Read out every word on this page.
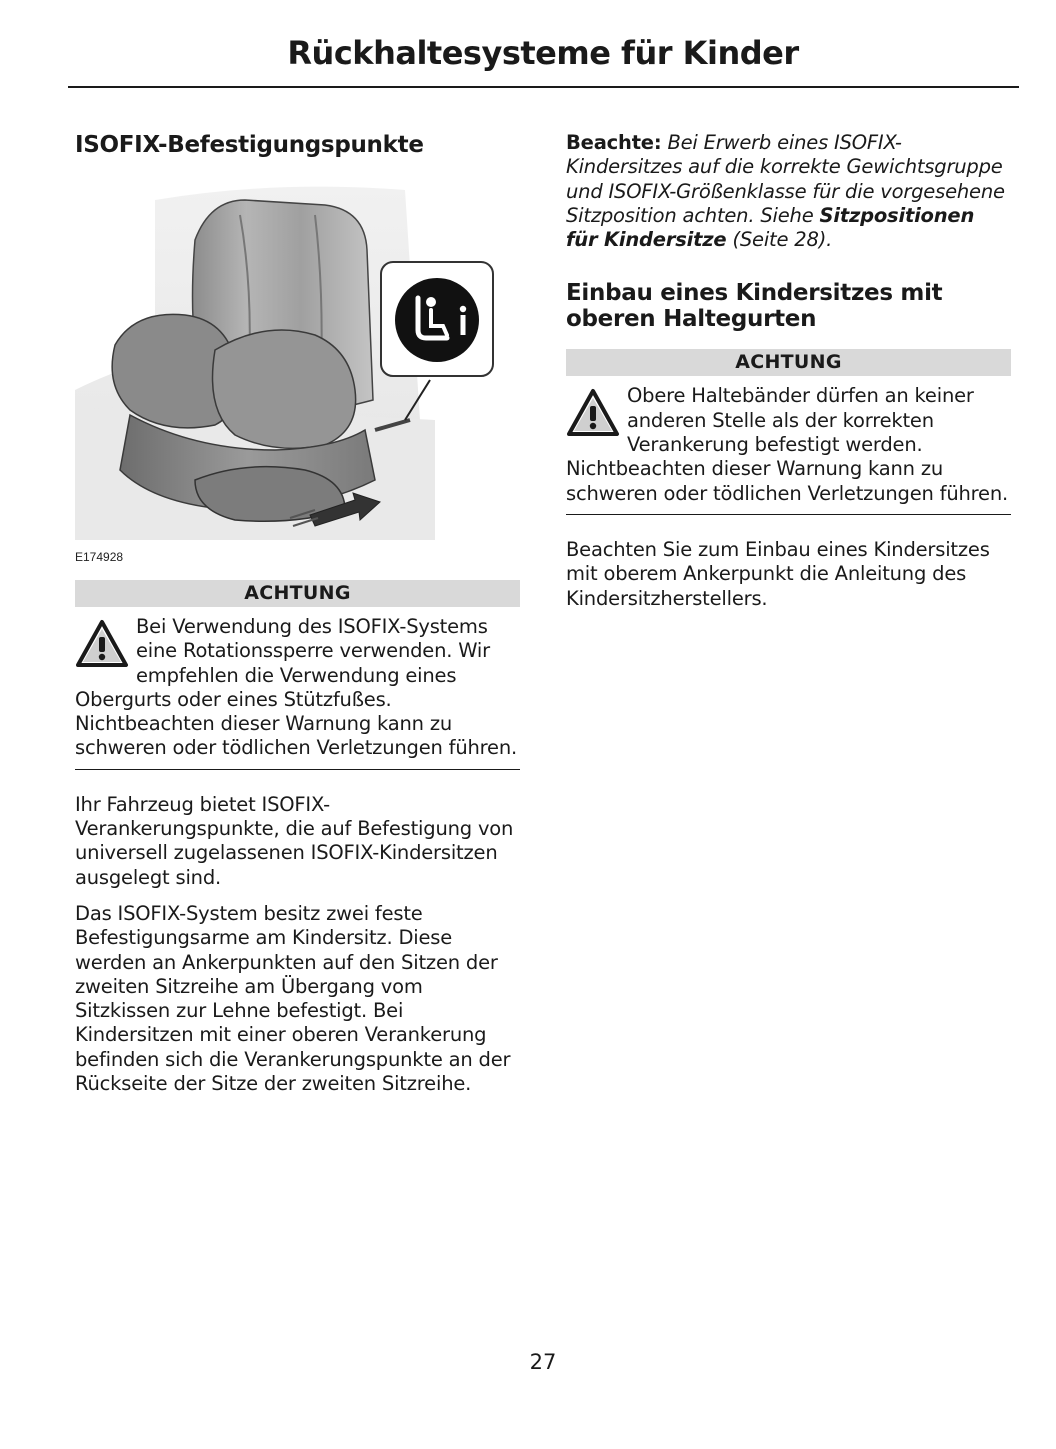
Rückhaltesysteme für Kinder
ISOFIX-Befestigungspunkte
E174928
ACHTUNG

Bei Verwendung des ISOFIX-Systems eine Rotationssperre verwenden. Wir empfehlen die Verwendung eines Obergurts oder eines Stützfußes. Nichtbeachten dieser Warnung kann zu schweren oder tödlichen Verletzungen führen.

Ihr Fahrzeug bietet ISOFIX-Verankerungspunkte, die auf Befestigung von universell zugelassenen ISOFIX-Kindersitzen ausgelegt sind.

Das ISOFIX-System besitz zwei feste Befestigungsarme am Kindersitz. Diese werden an Ankerpunkten auf den Sitzen der zweiten Sitzreihe am Übergang vom Sitzkissen zur Lehne befestigt. Bei Kindersitzen mit einer oberen Verankerung befinden sich die Verankerungspunkte an der Rückseite der Sitze der zweiten Sitzreihe.

Beachte: Bei Erwerb eines ISOFIX-Kindersitzes auf die korrekte Gewichtsgruppe und ISOFIX-Größenklasse für die vorgesehene Sitzposition achten. Siehe Sitzpositionen für Kindersitze (Seite 28).

Einbau eines Kindersitzes mit oberen Haltegurten
ACHTUNG

Obere Haltebänder dürfen an keiner anderen Stelle als der korrekten Verankerung befestigt werden. Nichtbeachten dieser Warnung kann zu schweren oder tödlichen Verletzungen führen.

Beachten Sie zum Einbau eines Kindersitzes mit oberem Ankerpunkt die Anleitung des Kindersitzherstellers.

27
